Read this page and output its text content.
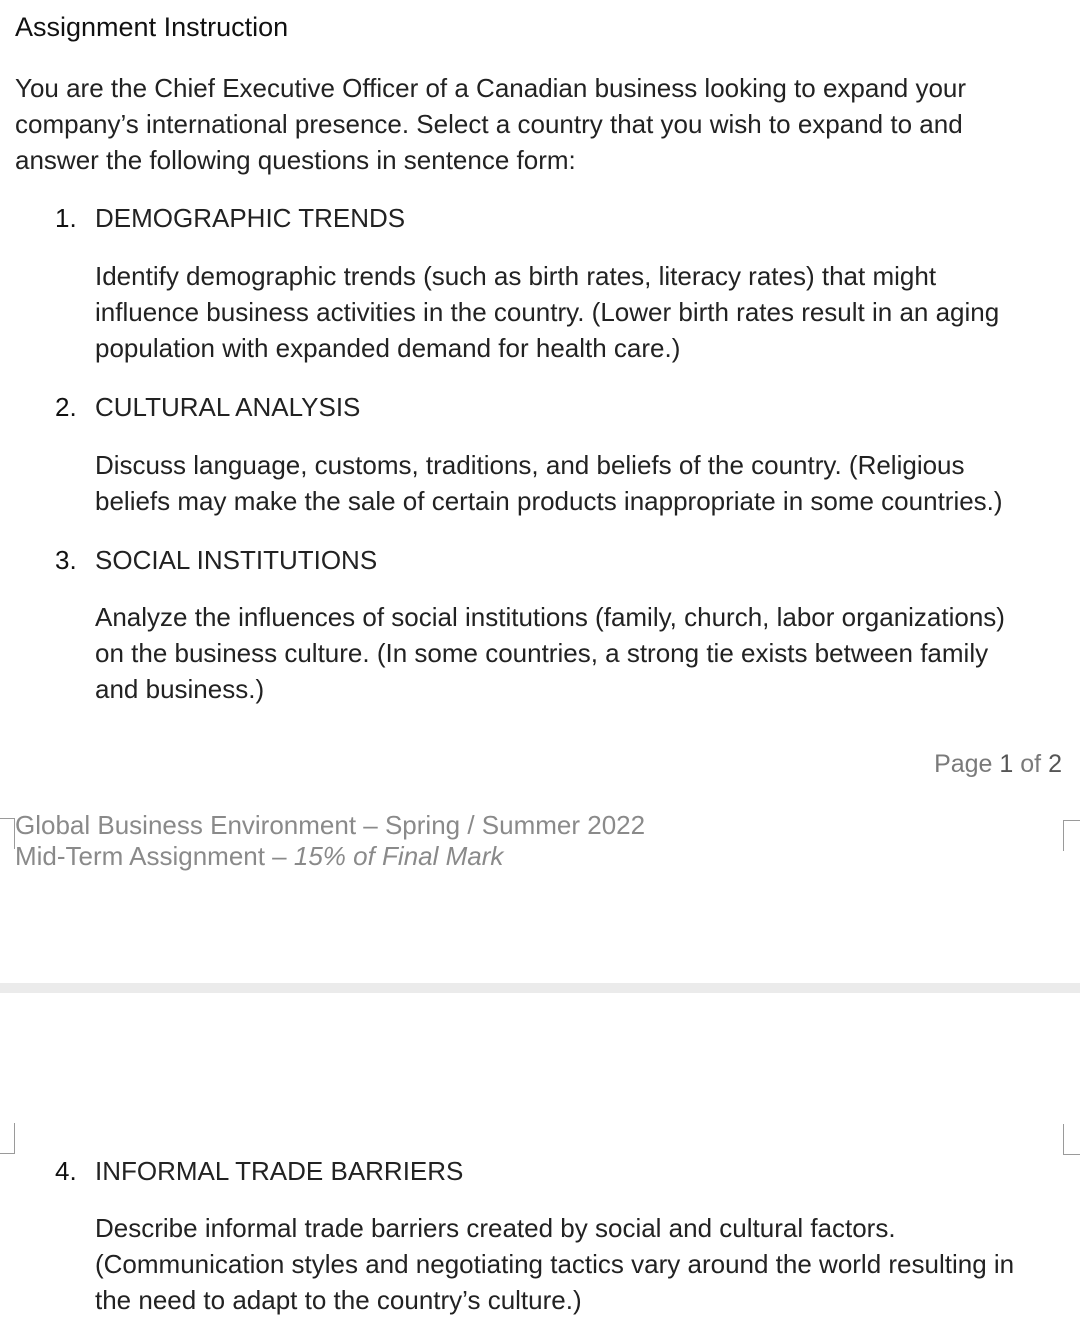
Assignment Instruction
You are the Chief Executive Officer of a Canadian business looking to expand your
company’s international presence. Select a country that you wish to expand to and
answer the following questions in sentence form:
1. DEMOGRAPHIC TRENDS
Identify demographic trends (such as birth rates, literacy rates) that might
influence business activities in the country. (Lower birth rates result in an aging
population with expanded demand for health care.)
2. CULTURAL ANALYSIS
Discuss language, customs, traditions, and beliefs of the country. (Religious
beliefs may make the sale of certain products inappropriate in some countries.)
3. SOCIAL INSTITUTIONS
Analyze the influences of social institutions (family, church, labor organizations)
on the business culture. (In some countries, a strong tie exists between family
and business.)
Page 1 of 2
Global Business Environment – Spring / Summer 2022
Mid-Term Assignment – 15% of Final Mark
4. INFORMAL TRADE BARRIERS
Describe informal trade barriers created by social and cultural factors.
(Communication styles and negotiating tactics vary around the world resulting in
the need to adapt to the country’s culture.)
